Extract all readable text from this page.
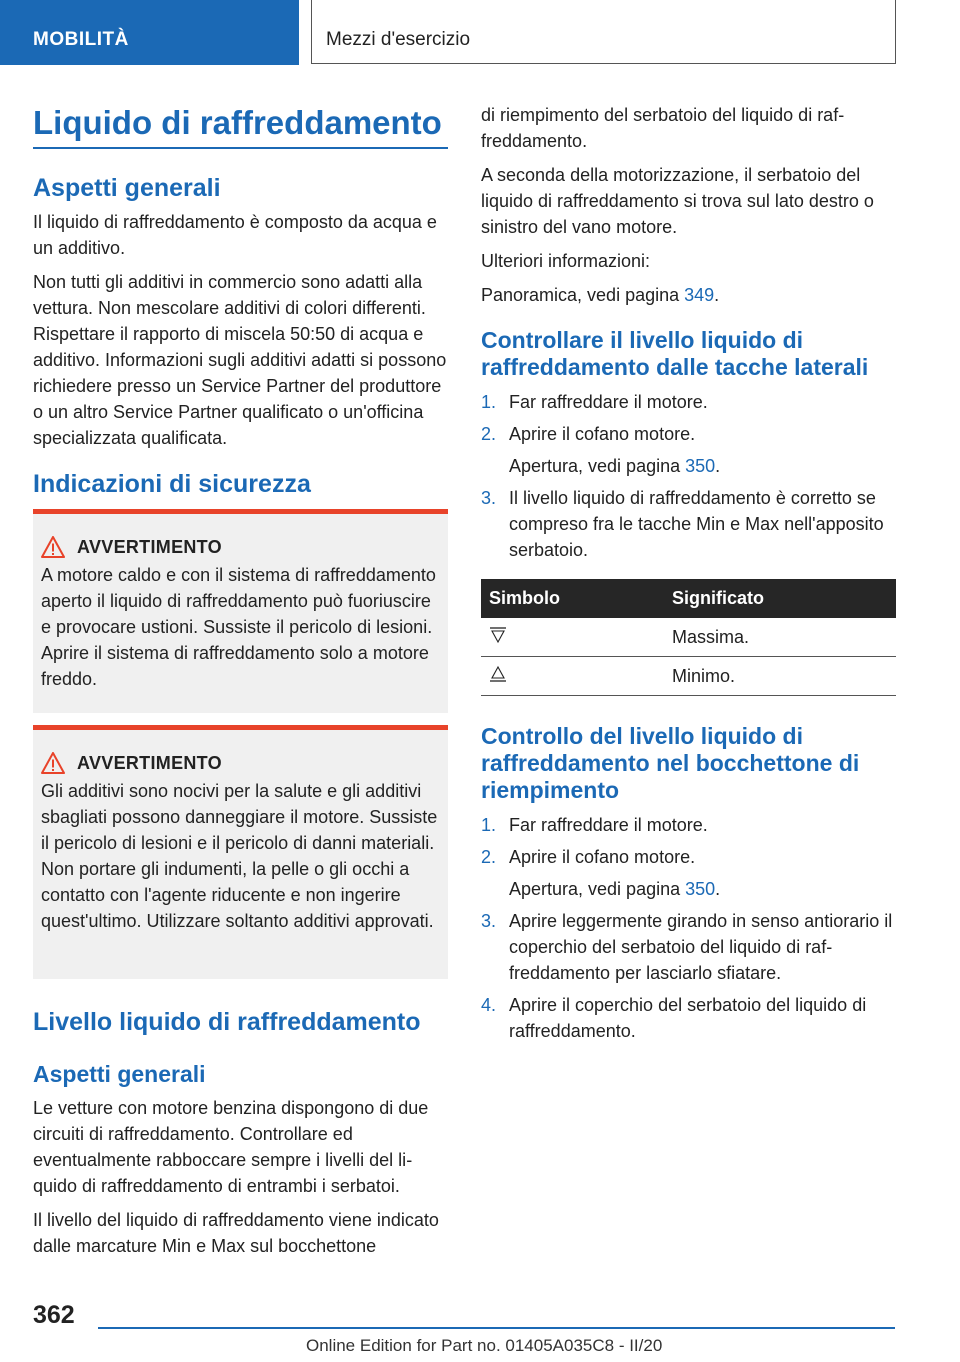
MOBILITÀ	Mezzi d'esercizio
Liquido di raffreddamento
Aspetti generali

Il liquido di raffreddamento è composto da acqua e un additivo.

Non tutti gli additivi in commercio sono adatti alla vettura. Non mescolare additivi di colori differenti. Rispettare il rapporto di miscela 50:50 di acqua e additivo. Informazioni sugli additivi adatti si possono richiedere presso un Service Partner del produttore o un altro Service Partner qualificato o un'officina specializzata qualificata.

Indicazioni di sicurezza
AVVERTIMENTO
A motore caldo e con il sistema di raffreddamento aperto il liquido di raffreddamento può fuoriuscire e provocare ustioni. Sussiste il pericolo di lesioni. Aprire il sistema di raffreddamento solo a motore freddo.
AVVERTIMENTO
Gli additivi sono nocivi per la salute e gli additivi sbagliati possono danneggiare il motore. Sussiste il pericolo di lesioni e il pericolo di danni materiali. Non portare gli indumenti, la pelle o gli occhi a contatto con l'agente riducente e non ingerire quest'ultimo. Utilizzare soltanto additivi approvati.
Livello liquido di raffreddamento
Aspetti generali

Le vetture con motore benzina dispongono di due circuiti di raffreddamento. Controllare ed eventualmente rabboccare sempre i livelli del liquido di raffreddamento di entrambi i serbatoi.

Il livello del liquido di raffreddamento viene indicato dalle marcature Min e Max sul bocchettone

di riempimento del serbatoio del liquido di raffreddamento.

A seconda della motorizzazione, il serbatoio del liquido di raffreddamento si trova sul lato destro o sinistro del vano motore.

Ulteriori informazioni:

Panoramica, vedi pagina 349.

Controllare il livello liquido di raffreddamento dalle tacche laterali
1. Far raffreddare il motore.
2. Aprire il cofano motore.
Apertura, vedi pagina 350.
3. Il livello liquido di raffreddamento è corretto se compreso fra le tacche Min e Max nell'apposito serbatoio.
Simbolo	Significato
	Massima.
	Minimo.
Controllo del livello liquido di raffreddamento nel bocchettone di riempimento
1. Far raffreddare il motore.
2. Aprire il cofano motore.
Apertura, vedi pagina 350.
3. Aprire leggermente girando in senso antiorario il coperchio del serbatoio del liquido di raffreddamento per lasciarlo sfiatare.
4. Aprire il coperchio del serbatoio del liquido di raffreddamento.
362
Online Edition for Part no. 01405A035C8 - II/20
